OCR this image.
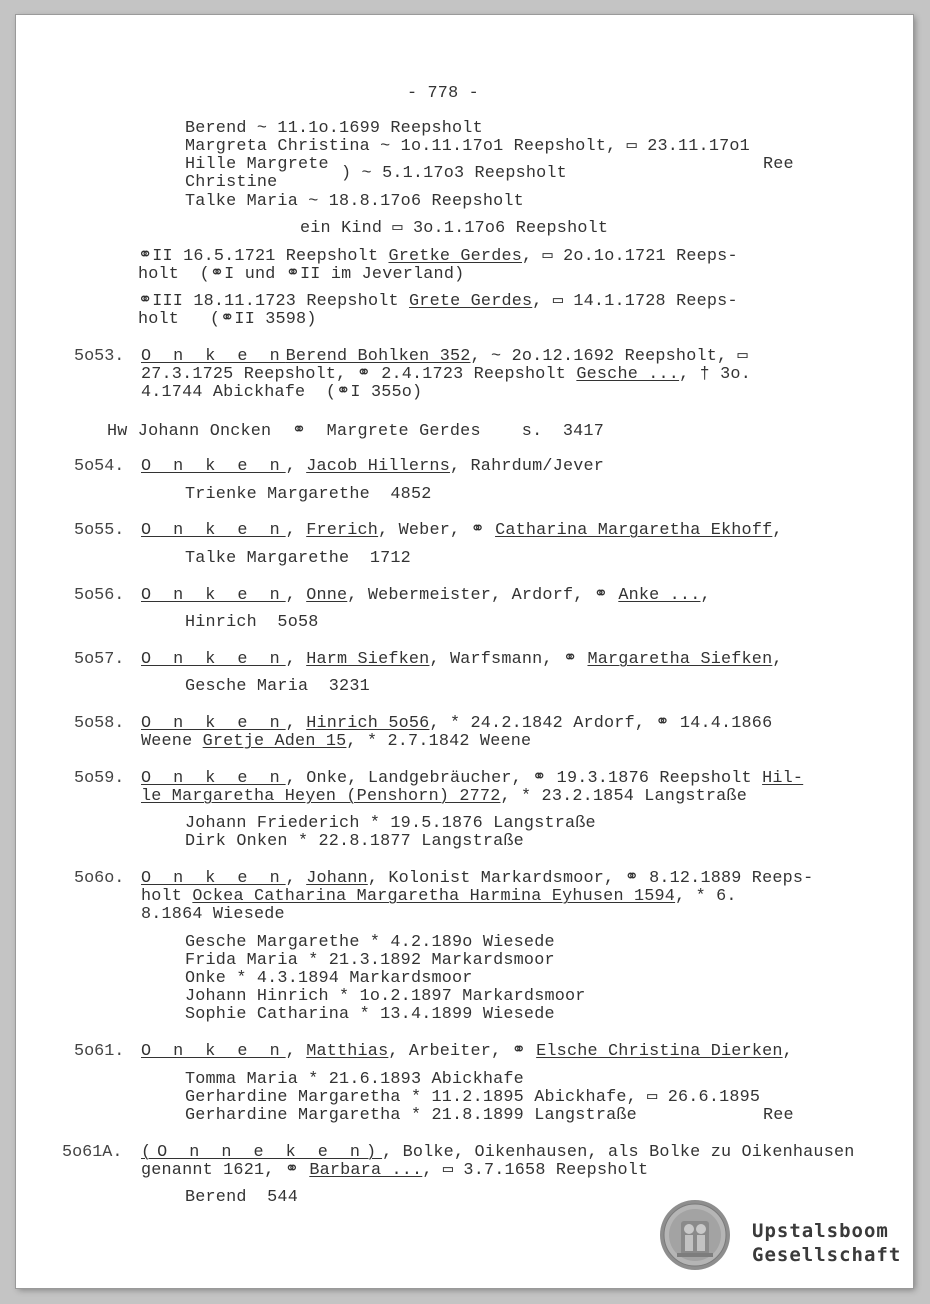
- 778 -
Berend ~ 11.1o.1699 Reepsholt
Margreta Christina ~ 1o.11.17o1 Reepsholt, ▭ 23.11.17o1
Hille Margrete
Christine	) ~ 5.1.17o3 Reepsholt	Ree
Talke Maria ~ 18.8.17o6 Reepsholt
ein Kind ▭ 3o.1.17o6 Reepsholt
⚭II 16.5.1721 Reepsholt Gretke Gerdes, ▭ 2o.1o.1721 Reeps-
holt  (⚭I und ⚭II im Jeverland)
⚭III 18.11.1723 Reepsholt Grete Gerdes, ▭ 14.1.1728 Reeps-
holt   (⚭II 3598)
5o53. O n k e nBerend Bohlken 352, ~ 2o.12.1692 Reepsholt, ▭
27.3.1725 Reepsholt, ⚭ 2.4.1723 Reepsholt Gesche ..., † 3o.
4.1744 Abickhafe  (⚭I 355o)
Hw Johann Oncken  ⚭  Margrete Gerdes    s.  3417
5o54. O n k e n, Jacob Hillerns, Rahrdum/Jever
Trienke Margarethe  4852
5o55. O n k e n, Frerich, Weber, ⚭ Catharina Margaretha Ekhoff,
Talke Margarethe  1712
5o56. O n k e n, Onne, Webermeister, Ardorf, ⚭ Anke ...,
Hinrich  5o58
5o57. O n k e n, Harm Siefken, Warfsmann, ⚭ Margaretha Siefken,
Gesche Maria  3231
5o58. O n k e n, Hinrich 5o56, * 24.2.1842 Ardorf, ⚭ 14.4.1866
Weene Gretje Aden 15, * 2.7.1842 Weene
5o59. O n k e n, Onke, Landgebräucher, ⚭ 19.3.1876 Reepsholt Hil-
le Margaretha Heyen (Penshorn) 2772, * 23.2.1854 Langstraße
Johann Friederich * 19.5.1876 Langstraße
Dirk Onken * 22.8.1877 Langstraße
5o6o. O n k e n, Johann, Kolonist Markardsmoor, ⚭ 8.12.1889 Reeps-
holt Ockea Catharina Margaretha Harmina Eyhusen 1594, * 6.
8.1864 Wiesede
Gesche Margarethe * 4.2.189o Wiesede
Frida Maria * 21.3.1892 Markardsmoor
Onke * 4.3.1894 Markardsmoor
Johann Hinrich * 1o.2.1897 Markardsmoor
Sophie Catharina * 13.4.1899 Wiesede
5o61. O n k e n, Matthias, Arbeiter, ⚭ Elsche Christina Dierken,
Tomma Maria * 21.6.1893 Abickhafe
Gerhardine Margaretha * 11.2.1895 Abickhafe, ▭ 26.6.1895
Gerhardine Margaretha * 21.8.1899 Langstraße	Ree
5o61A. (O n n e k e n), Bolke, Oikenhausen, als Bolke zu Oikenhausen
genannt 1621, ⚭ Barbara ..., ▭ 3.7.1658 Reepsholt
Berend  544
Upstalsboom
Gesellschaft
